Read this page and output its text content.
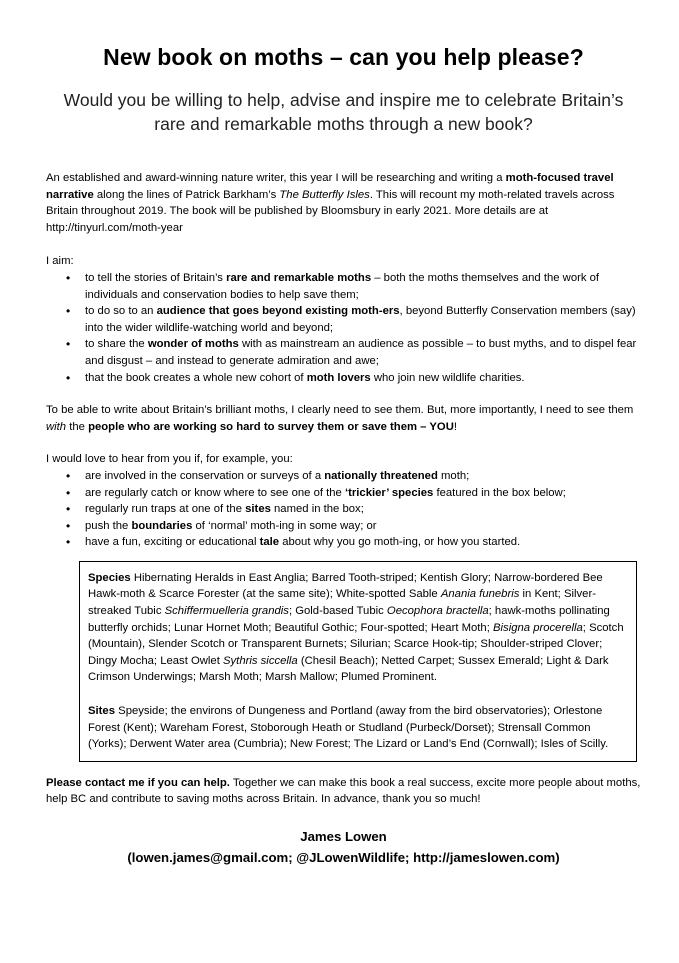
New book on moths – can you help please?

Would you be willing to help, advise and inspire me to celebrate Britain’s rare and remarkable moths through a new book?

An established and award-winning nature writer, this year I will be researching and writing a moth-focused travel narrative along the lines of Patrick Barkham’s The Butterfly Isles. This will recount my moth-related travels across Britain throughout 2019. The book will be published by Bloomsbury in early 2021. More details are at http://tinyurl.com/moth-year

I aim:

• to tell the stories of Britain’s rare and remarkable moths – both the moths themselves and the work of individuals and conservation bodies to help save them;
• to do so to an audience that goes beyond existing moth-ers, beyond Butterfly Conservation members (say) into the wider wildlife-watching world and beyond;
• to share the wonder of moths with as mainstream an audience as possible – to bust myths, and to dispel fear and disgust – and instead to generate admiration and awe;
• that the book creates a whole new cohort of moth lovers who join new wildlife charities.

To be able to write about Britain’s brilliant moths, I clearly need to see them. But, more importantly, I need to see them with the people who are working so hard to survey them or save them – YOU!

I would love to hear from you if, for example, you:

• are involved in the conservation or surveys of a nationally threatened moth;
• are regularly catch or know where to see one of the ‘trickier’ species featured in the box below;
• regularly run traps at one of the sites named in the box;
• push the boundaries of ‘normal’ moth-ing in some way; or
• have a fun, exciting or educational tale about why you go moth-ing, or how you started.

Species Hibernating Heralds in East Anglia; Barred Tooth-striped; Kentish Glory; Narrow-bordered Bee Hawk-moth & Scarce Forester (at the same site); White-spotted Sable Anania funebris in Kent; Silver-streaked Tubic Schiffermuelleria grandis; Gold-based Tubic Oecophora bractella; hawk-moths pollinating butterfly orchids; Lunar Hornet Moth; Beautiful Gothic; Four-spotted; Heart Moth; Bisigna procerella; Scotch (Mountain), Slender Scotch or Transparent Burnets; Silurian; Scarce Hook-tip; Shoulder-striped Clover; Dingy Mocha; Least Owlet Sythris siccella (Chesil Beach); Netted Carpet; Sussex Emerald; Light & Dark Crimson Underwings; Marsh Moth; Marsh Mallow; Plumed Prominent.

Sites Speyside; the environs of Dungeness and Portland (away from the bird observatories); Orlestone Forest (Kent); Wareham Forest, Stoborough Heath or Studland (Purbeck/Dorset); Strensall Common (Yorks); Derwent Water area (Cumbria); New Forest; The Lizard or Land’s End (Cornwall); Isles of Scilly.

Please contact me if you can help. Together we can make this book a real success, excite more people about moths, help BC and contribute to saving moths across Britain. In advance, thank you so much!

James Lowen

(lowen.james@gmail.com; @JLowenWildlife; http://jameslowen.com)
